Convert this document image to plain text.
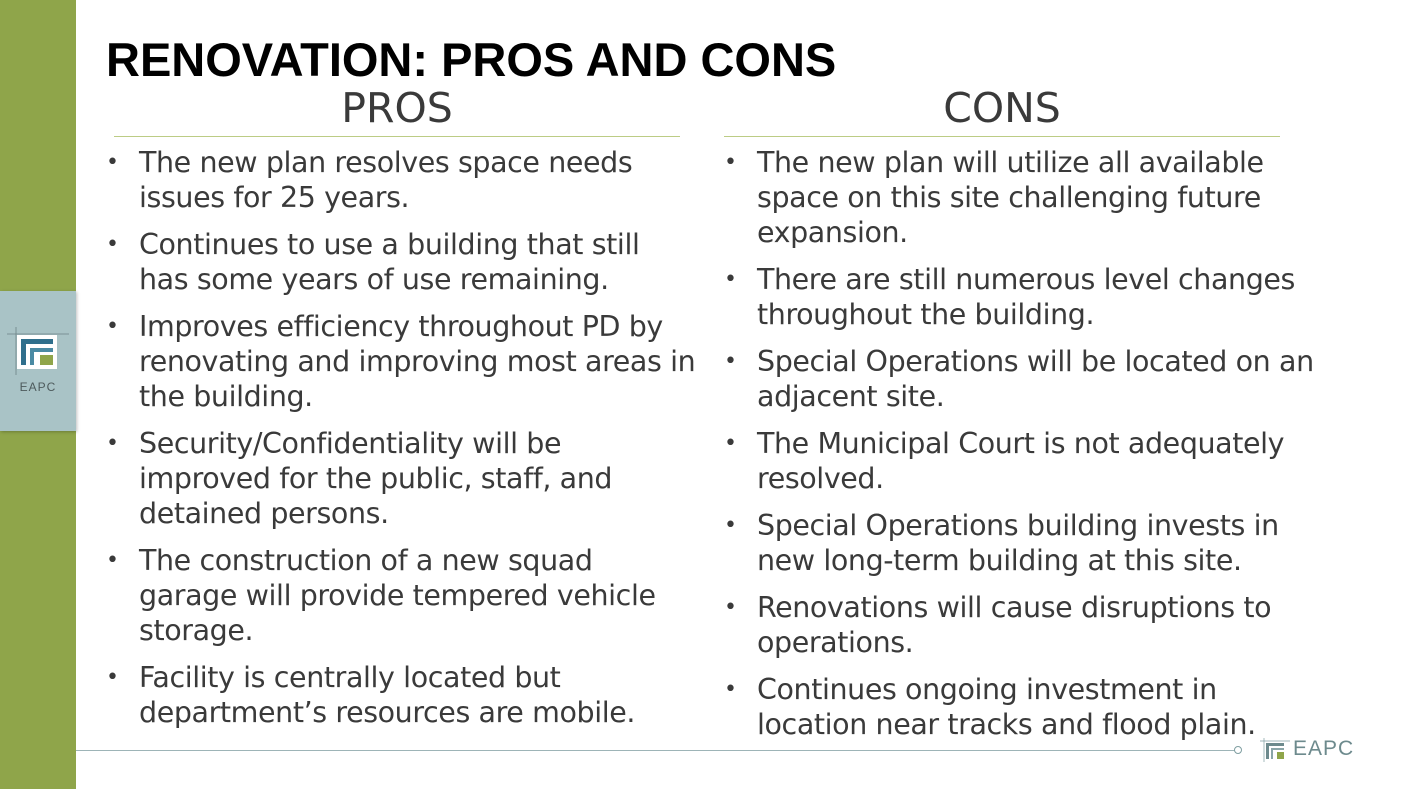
EAPC
RENOVATION: PROS AND CONS
PROS
• The new plan resolves space needs issues for 25 years.
• Continues to use a building that still has some years of use remaining.
• Improves efficiency throughout PD by renovating and improving most areas in the building.
• Security/Confidentiality will be improved for the public, staff, and detained persons.
• The construction of a new squad garage will provide tempered vehicle storage.
• Facility is centrally located but department’s resources are mobile.
CONS
• The new plan will utilize all available space on this site challenging future expansion.
• There are still numerous level changes throughout the building.
• Special Operations will be located on an adjacent site.
• The Municipal Court is not adequately resolved.
• Special Operations building invests in new long-term building at this site.
• Renovations will cause disruptions to operations.
• Continues ongoing investment in location near tracks and flood plain.
EAPC
